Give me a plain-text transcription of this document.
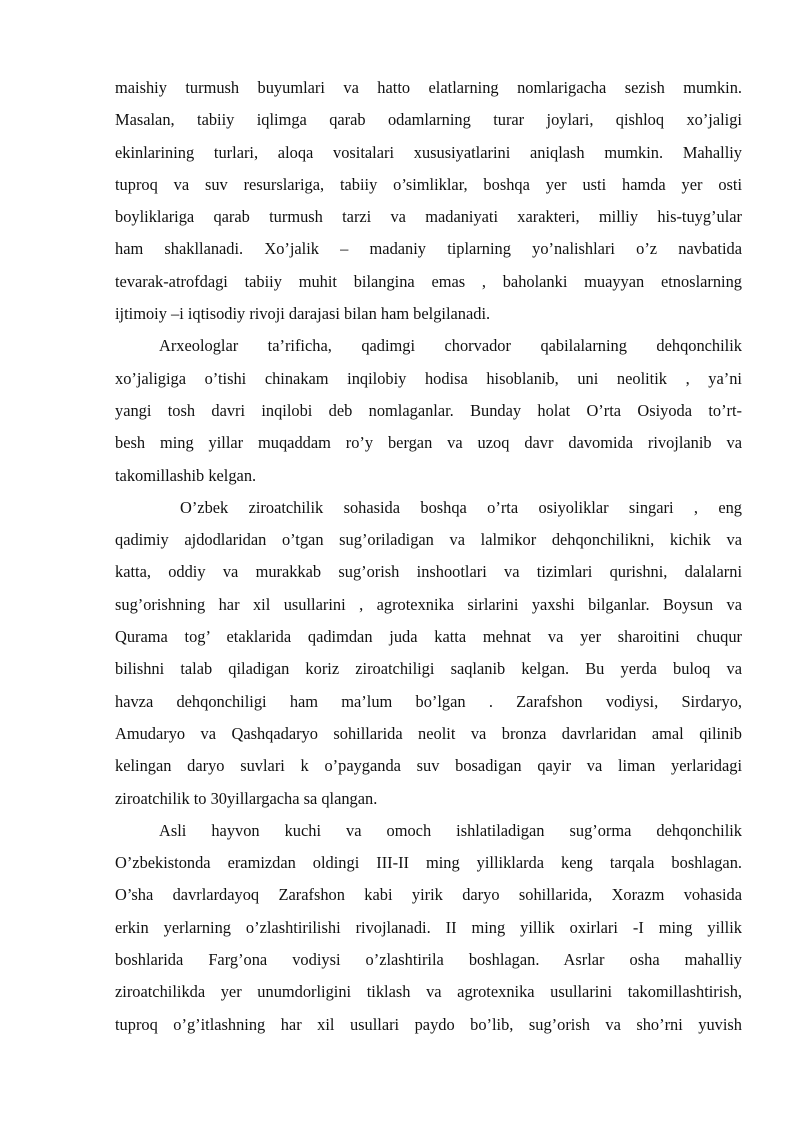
maishiy turmush buyumlari va hatto elatlarning nomlarigacha sezish mumkin.
Masalan, tabiiy iqlimga qarab odamlarning turar joylari, qishloq xo’jaligi
ekinlarining turlari, aloqa vositalari xususiyatlarini aniqlash mumkin. Mahalliy
tuproq va suv resurslariga, tabiiy o’simliklar, boshqa yer usti hamda yer osti
boyliklariga qarab turmush tarzi va madaniyati xarakteri, milliy his-tuyg’ular
ham shakllanadi. Xo’jalik – madaniy tiplarning yo’nalishlari o’z navbatida
tevarak-atrofdagi tabiiy muhit bilangina emas , baholanki muayyan etnoslarning
ijtimoiy –i iqtisodiy rivoji darajasi bilan ham belgilanadi.
Arxeologlar ta’rificha, qadimgi chorvador qabilalarning dehqonchilik
xo’jaligiga o’tishi chinakam inqilobiy hodisa hisoblanib, uni neolitik , ya’ni
yangi tosh davri inqilobi deb nomlaganlar. Bunday holat O’rta Osiyoda to’rt-
besh ming yillar muqaddam ro’y bergan va uzoq davr davomida rivojlanib va
takomillashib kelgan.
O’zbek ziroatchilik sohasida boshqa o’rta osiyoliklar singari , eng
qadimiy ajdodlaridan o’tgan sug’oriladigan va lalmikor dehqonchilikni, kichik va
katta, oddiy va murakkab sug’orish inshootlari va tizimlari qurishni, dalalarni
sug’orishning har xil usullarini , agrotexnika sirlarini yaxshi bilganlar. Boysun va
Qurama tog’ etaklarida qadimdan juda katta mehnat va yer sharoitini chuqur
bilishni talab qiladigan koriz ziroatchiligi saqlanib kelgan. Bu yerda buloq va
havza dehqonchiligi ham ma’lum bo’lgan . Zarafshon vodiysi, Sirdaryo,
Amudaryo va Qashqadaryo sohillarida neolit va bronza davrlaridan amal qilinib
kelingan daryo suvlari k o’payganda suv bosadigan qayir va liman yerlaridagi
ziroatchilik to 30yillargacha sa qlangan.
Asli hayvon kuchi va omoch ishlatiladigan sug’orma dehqonchilik
O’zbekistonda eramizdan oldingi III-II ming yilliklarda keng tarqala boshlagan.
O’sha davrlardayoq Zarafshon kabi yirik daryo sohillarida, Xorazm vohasida
erkin yerlarning o’zlashtirilishi rivojlanadi. II ming yillik oxirlari -I ming yillik
boshlarida Farg’ona vodiysi o’zlashtirila boshlagan. Asrlar osha mahalliy
ziroatchilikda yer unumdorligini tiklash va agrotexnika usullarini takomillashtirish,
tuproq o’g’itlashning har xil usullari paydo bo’lib, sug’orish va sho’rni yuvish
